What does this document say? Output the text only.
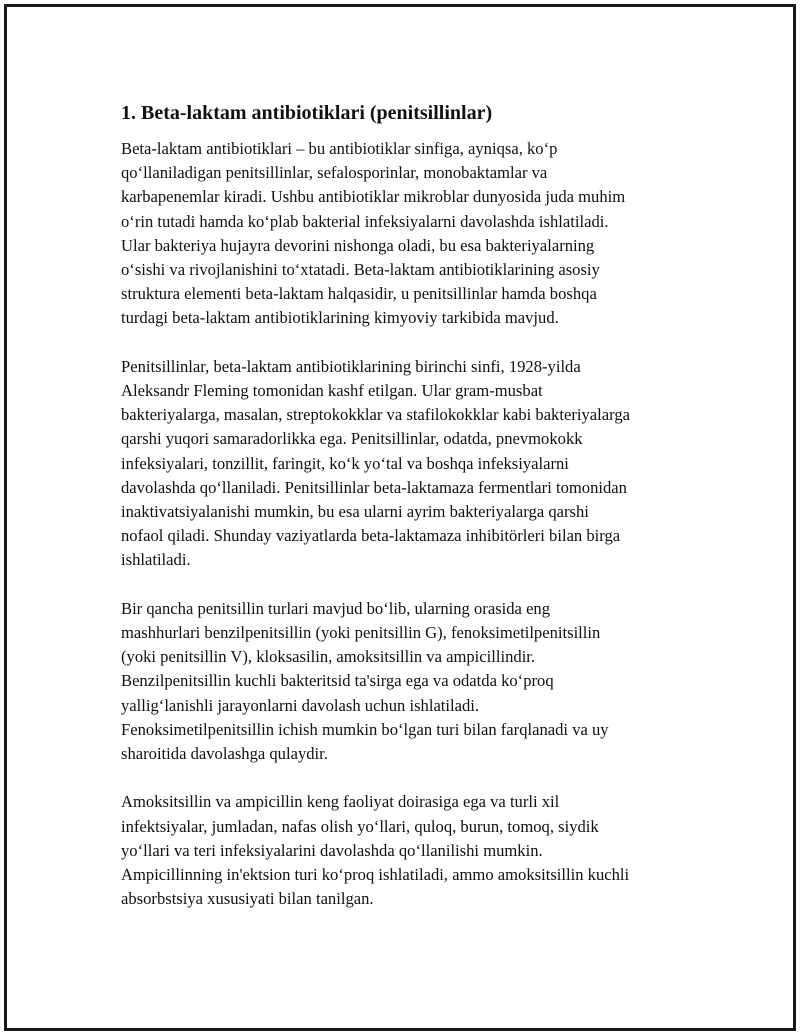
1. Beta-laktam antibiotiklari (penitsillinlar)

Beta-laktam antibiotiklari – bu antibiotiklar sinfiga, ayniqsa, ko‘p
qo‘llaniladigan penitsillinlar, sefalosporinlar, monobaktamlar va
karbapenemlar kiradi. Ushbu antibiotiklar mikroblar dunyosida juda muhim
o‘rin tutadi hamda ko‘plab bakterial infeksiyalarni davolashda ishlatiladi.
Ular bakteriya hujayra devorini nishonga oladi, bu esa bakteriyalarning
o‘sishi va rivojlanishini to‘xtatadi. Beta-laktam antibiotiklarining asosiy
struktura elementi beta-laktam halqasidir, u penitsillinlar hamda boshqa
turdagi beta-laktam antibiotiklarining kimyoviy tarkibida mavjud.

Penitsillinlar, beta-laktam antibiotiklarining birinchi sinfi, 1928-yilda
Aleksandr Fleming tomonidan kashf etilgan. Ular gram-musbat
bakteriyalarga, masalan, streptokokklar va stafilokokklar kabi bakteriyalarga
qarshi yuqori samaradorlikka ega. Penitsillinlar, odatda, pnevmokokk
infeksiyalari, tonzillit, faringit, ko‘k yo‘tal va boshqa infeksiyalarni
davolashda qo‘llaniladi. Penitsillinlar beta-laktamaza fermentlari tomonidan
inaktivatsiyalanishi mumkin, bu esa ularni ayrim bakteriyalarga qarshi
nofaol qiladi. Shunday vaziyatlarda beta-laktamaza inhibitörleri bilan birga
ishlatiladi.

Bir qancha penitsillin turlari mavjud bo‘lib, ularning orasida eng
mashhurlari benzilpenitsillin (yoki penitsillin G), fenoksimetilpenitsillin
(yoki penitsillin V), kloksasilin, amoksitsillin va ampicillindir.
Benzilpenitsillin kuchli bakteritsid ta'sirga ega va odatda ko‘proq
yallig‘lanishli jarayonlarni davolash uchun ishlatiladi.
Fenoksimetilpenitsillin ichish mumkin bo‘lgan turi bilan farqlanadi va uy
sharoitida davolashga qulaydir.

Amoksitsillin va ampicillin keng faoliyat doirasiga ega va turli xil
infektsiyalar, jumladan, nafas olish yo‘llari, quloq, burun, tomoq, siydik
yo‘llari va teri infeksiyalarini davolashda qo‘llanilishi mumkin.
Ampicillinning in'ektsion turi ko‘proq ishlatiladi, ammo amoksitsillin kuchli
absorbstsiya xususiyati bilan tanilgan.
